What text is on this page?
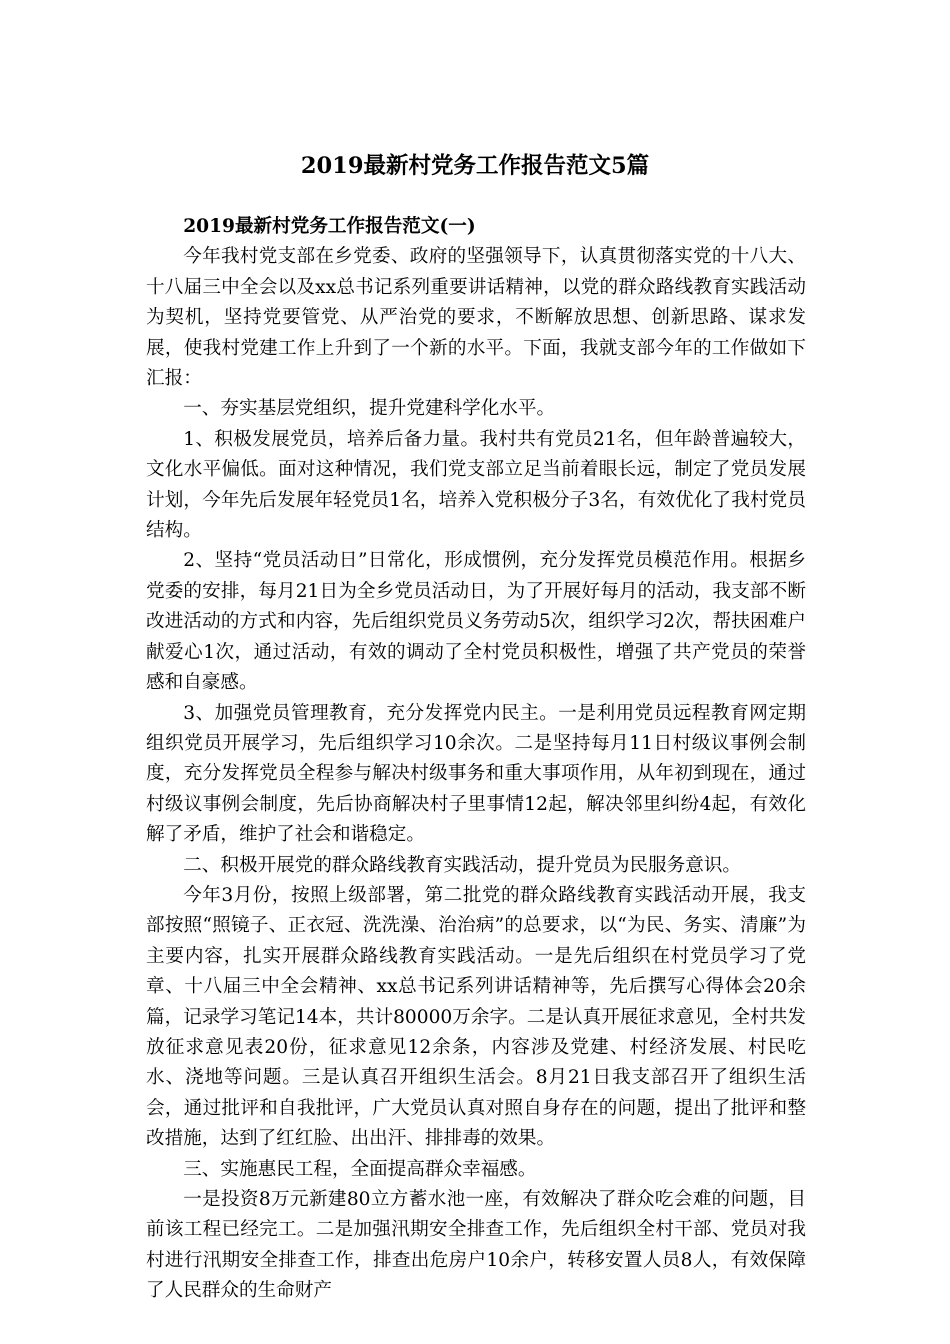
2019最新村党务工作报告范文5篇

2019最新村党务工作报告范文(一)

今年我村党支部在乡党委、政府的坚强领导下，认真贯彻落实党的十八大、十八届三中全会以及xx总书记系列重要讲话精神，以党的群众路线教育实践活动为契机，坚持党要管党、从严治党的要求，不断解放思想、创新思路、谋求发展，使我村党建工作上升到了一个新的水平。下面，我就支部今年的工作做如下汇报：

一、夯实基层党组织，提升党建科学化水平。

1、积极发展党员，培养后备力量。我村共有党员21名，但年龄普遍较大，文化水平偏低。面对这种情况，我们党支部立足当前着眼长远，制定了党员发展计划，今年先后发展年轻党员1名，培养入党积极分子3名，有效优化了我村党员结构。

2、坚持“党员活动日”日常化，形成惯例，充分发挥党员模范作用。根据乡党委的安排，每月21日为全乡党员活动日，为了开展好每月的活动，我支部不断改进活动的方式和内容，先后组织党员义务劳动5次，组织学习2次，帮扶困难户献爱心1次，通过活动，有效的调动了全村党员积极性，增强了共产党员的荣誉感和自豪感。

3、加强党员管理教育，充分发挥党内民主。一是利用党员远程教育网定期组织党员开展学习，先后组织学习10余次。二是坚持每月11日村级议事例会制度，充分发挥党员全程参与解决村级事务和重大事项作用，从年初到现在，通过村级议事例会制度，先后协商解决村子里事情12起，解决邻里纠纷4起，有效化解了矛盾，维护了社会和谐稳定。

二、积极开展党的群众路线教育实践活动，提升党员为民服务意识。

今年3月份，按照上级部署，第二批党的群众路线教育实践活动开展，我支部按照“照镜子、正衣冠、洗洗澡、治治病”的总要求，以“为民、务实、清廉”为主要内容，扎实开展群众路线教育实践活动。一是先后组织在村党员学习了党章、十八届三中全会精神、xx总书记系列讲话精神等，先后撰写心得体会20余篇，记录学习笔记14本，共计80000万余字。二是认真开展征求意见，全村共发放征求意见表20份，征求意见12余条，内容涉及党建、村经济发展、村民吃水、浇地等问题。三是认真召开组织生活会。8月21日我支部召开了组织生活会，通过批评和自我批评，广大党员认真对照自身存在的问题，提出了批评和整改措施，达到了红红脸、出出汗、排排毒的效果。

三、实施惠民工程，全面提高群众幸福感。

一是投资8万元新建80立方蓄水池一座，有效解决了群众吃会难的问题，目前该工程已经完工。二是加强汛期安全排查工作，先后组织全村干部、党员对我村进行汛期安全排查工作，排查出危房户10余户，转移安置人员8人，有效保障了人民群众的生命财产
